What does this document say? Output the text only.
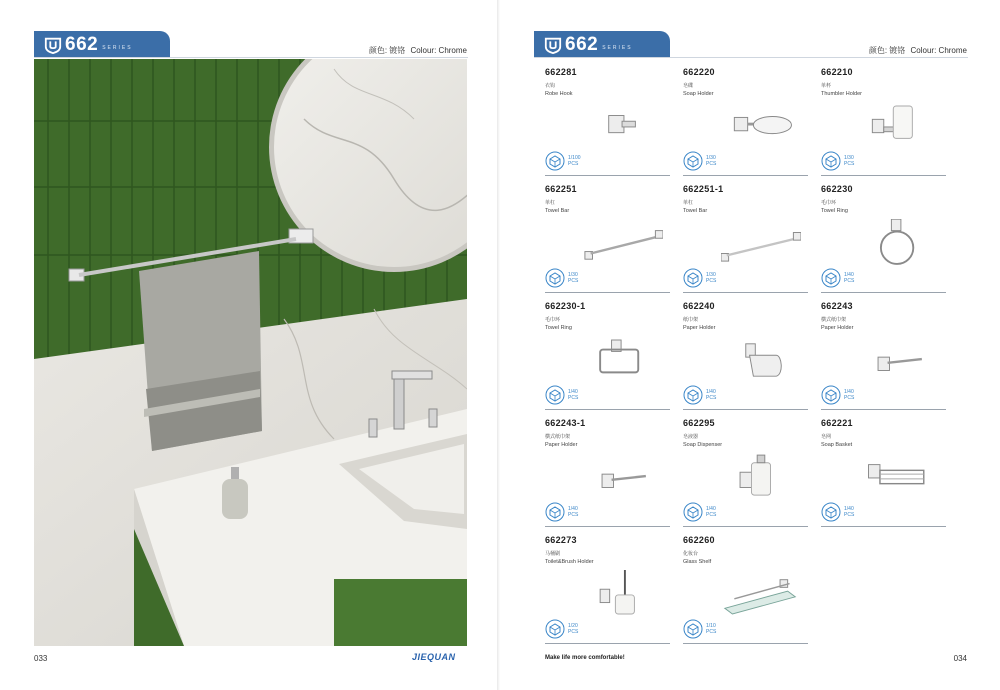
662 SERIES	颜色: 镀铬 Colour: Chrome
033	JIEQUAN
662 SERIES	颜色: 镀铬 Colour: Chrome
662281
衣钩
Robe Hook
1/100
PCS
662220
皂碟
Soap Holder
1/30
PCS
662210
单杯
Thumbler Holder
1/30
PCS
662251
单杠
Towel Bar
1/30
PCS
662251-1
单杠
Towel Bar
1/30
PCS
662230
毛巾环
Towel Ring
1/40
PCS
662230-1
毛巾环
Towel Ring
1/40
PCS
662240
纸巾架
Paper Holder
1/40
PCS
662243
横式纸巾架
Paper Holder
1/40
PCS
662243-1
横式纸巾架
Paper Holder
1/40
PCS
662295
皂液器
Soap Dispenser
1/40
PCS
662221
皂网
Soap Basket
1/40
PCS
662273
马桶刷
Toilet&Brush Holder
1/20
PCS
662260
化妆台
Glass Shelf
1/10
PCS
Make life more comfortable!	034
